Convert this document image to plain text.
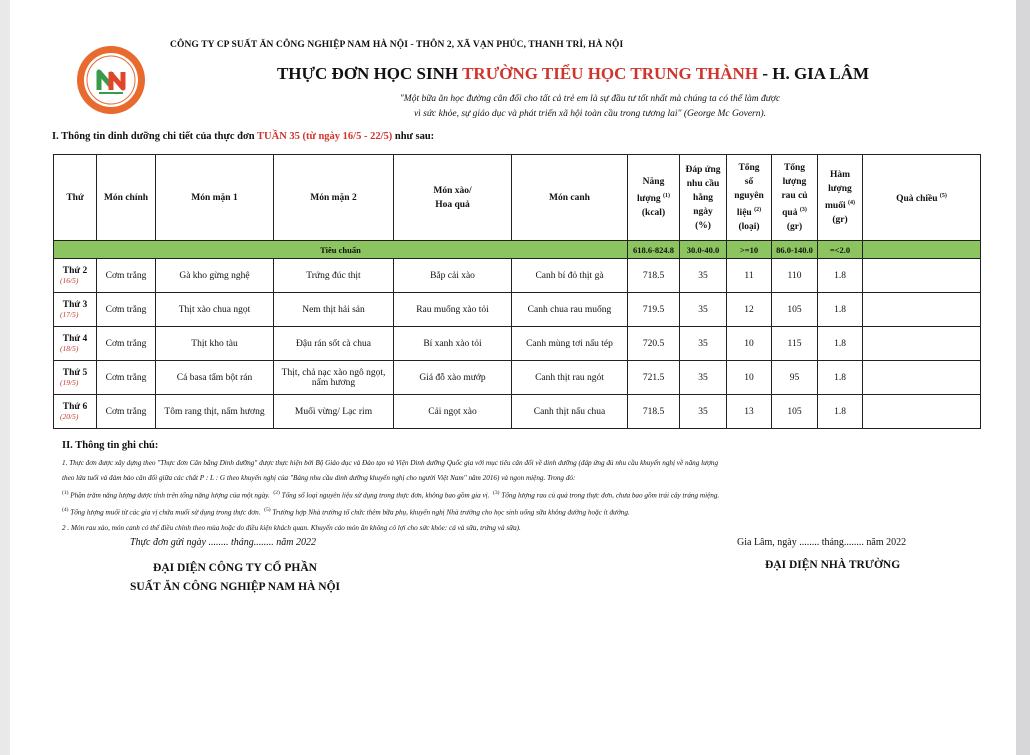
CÔNG TY CP SUẤT ĂN CÔNG NGHIỆP NAM HÀ NỘI - THÔN 2, XÃ VẠN PHÚC, THANH TRÌ, HÀ NỘI
THỰC ĐƠN HỌC SINH TRƯỜNG TIỂU HỌC TRUNG THÀNH - H. GIA LÂM
"Một bữa ăn học đường cân đối cho tất cả trẻ em là sự đầu tư tốt nhất mà chúng ta có thể làm được
vì sức khỏe, sự giáo dục và phát triển xã hội toàn cầu trong tương lai" (George Mc Govern).
I. Thông tin dinh dưỡng chi tiết của thực đơn TUẦN 35 (từ ngày 16/5 - 22/5) như sau:
Thứ	Món chính	Món mặn 1	Món mặn 2	Món xào/
Hoa quả	Món canh	Năng
lượng $^{(1)}$
(kcal)	Đáp ứng
nhu cầu
hằng
ngày
(%)	Tổng
số
nguyên
liệu $^{(2)}$
(loại)	Tổng
lượng
rau củ
quả $^{(3)}$
(gr)	Hàm
lượng
muối $^{(4)}$
(gr)	Quà chiều $^{(5)}$
Tiêu chuẩn						618.6-824.8	30.0-40.0	>=10	86.0-140.0	=<2.0	

Thứ 2
(16/5)	Cơm trắng	Gà kho gừng nghệ	Trứng đúc thịt	Bắp cải xào	Canh bí đỏ thịt gà	718.5	35	11	110	1.8	

Thứ 3
(17/5)	Cơm trắng	Thịt xào chua ngọt	Nem thịt hải sản	Rau muống xào tỏi	Canh chua rau muống	719.5	35	12	105	1.8	

Thứ 4
(18/5)	Cơm trắng	Thịt kho tàu	Đậu rán sốt cà chua	Bí xanh xào tỏi	Canh mùng tơi nấu tép	720.5	35	10	115	1.8	

Thứ 5
(19/5)	Cơm trắng	Cá basa tẩm bột rán	Thịt, chả nạc xào ngô ngọt, nấm hương	Giá đỗ xào mướp	Canh thịt rau ngót	721.5	35	10	95	1.8	

Thứ 6
(20/5)	Cơm trắng	Tôm rang thịt, nấm hương	Muối vừng/ Lạc rim	Cải ngọt xào	Canh thịt nấu chua	718.5	35	13	105	1.8	
II. Thông tin ghi chú:
1. Thực đơn được xây dựng theo "Thực đơn Cân bằng Dinh dưỡng" được thực hiện bởi Bộ Giáo dục và Đào tạo và Viện Dinh dưỡng Quốc gia với mục tiêu cân đối về dinh dưỡng (đáp ứng đủ nhu cầu khuyến nghị về năng lượng
theo lứa tuổi và đảm bảo cân đối giữa các chất P : L : G theo khuyến nghị của "Bảng nhu cầu dinh dưỡng khuyến nghị cho người Việt Nam" năm 2016) và ngon miệng. Trong đó:
$^{(1)}$ Phần trăm năng lượng được tính trên tổng năng lượng của một ngày. $^{(2)}$ Tổng số loại nguyên liệu sử dụng trong thực đơn, không bao gồm gia vị. $^{(3)}$ Tổng lượng rau củ quả trong thực đơn, chưa bao gồm trái cây tráng miệng.
$^{(4)}$ Tổng lượng muối từ các gia vị chứa muối sử dụng trong thực đơn. $^{(5)}$ Trường hợp Nhà trường tổ chức thêm bữa phụ, khuyến nghị Nhà trường cho học sinh uống sữa không đường hoặc ít đường.
2 . Món rau xào, món canh có thể điều chỉnh theo mùa hoặc do điều kiện khách quan. Khuyến cáo món ăn không có lợi cho sức khỏe: cá và sữa, trứng và sữa).
Thực đơn gửi ngày ........ tháng........ năm 2022	Gia Lâm, ngày ........ tháng........ năm 2022
ĐẠI DIỆN CÔNG TY CỔ PHẦN
SUẤT ĂN CÔNG NGHIỆP NAM HÀ NỘI
ĐẠI DIỆN NHÀ TRƯỜNG
